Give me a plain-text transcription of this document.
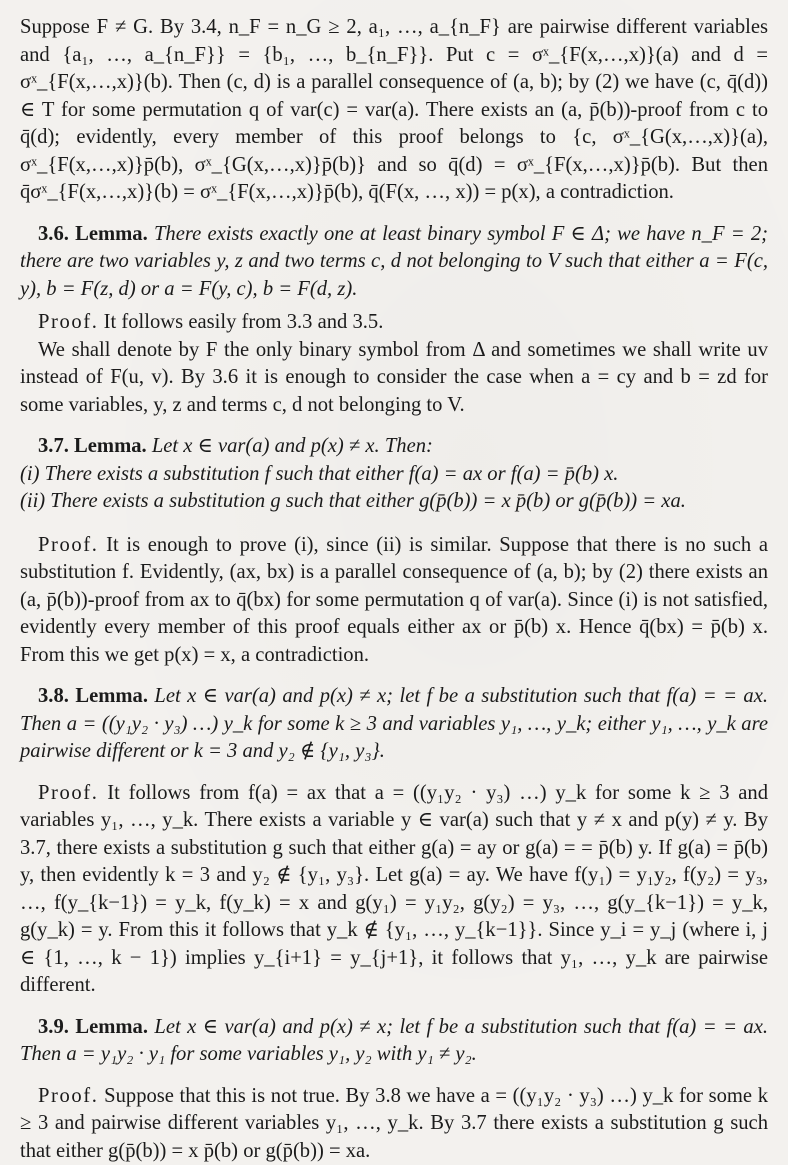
Suppose F ≠ G. By 3.4, n_F = n_G ≥ 2, a₁, …, a_{n_F} are pairwise different variables and {a₁, …, a_{n_F}} = {b₁, …, b_{n_F}}. Put c = σˣ_{F(x,…,x)}(a) and d = σˣ_{F(x,…,x)}(b). Then (c, d) is a parallel consequence of (a, b); by (2) we have (c, q̄(d)) ∈ T for some permutation q of var(c) = var(a). There exists an (a, p̄(b))-proof from c to q̄(d); evidently, every member of this proof belongs to {c, σˣ_{G(x,…,x)}(a), σˣ_{F(x,…,x)}p̄(b), σˣ_{G(x,…,x)}p̄(b)} and so q̄(d) = σˣ_{F(x,…,x)}p̄(b). But then q̄σˣ_{F(x,…,x)}(b) = σˣ_{F(x,…,x)}p̄(b), q̄(F(x, …, x)) = p(x), a contradiction.

3.6. Lemma. There exists exactly one at least binary symbol F ∈ Δ; we have n_F = 2; there are two variables y, z and two terms c, d not belonging to V such that either a = F(c, y), b = F(z, d) or a = F(y, c), b = F(d, z).

Proof. It follows easily from 3.3 and 3.5.

We shall denote by F the only binary symbol from Δ and sometimes we shall write uv instead of F(u, v). By 3.6 it is enough to consider the case when a = cy and b = zd for some variables, y, z and terms c, d not belonging to V.

3.7. Lemma. Let x ∈ var(a) and p(x) ≠ x. Then:

(i) There exists a substitution f such that either f(a) = ax or f(a) = p̄(b) x.

(ii) There exists a substitution g such that either g(p̄(b)) = x p̄(b) or g(p̄(b)) = xa.

Proof. It is enough to prove (i), since (ii) is similar. Suppose that there is no such a substitution f. Evidently, (ax, bx) is a parallel consequence of (a, b); by (2) there exists an (a, p̄(b))-proof from ax to q̄(bx) for some permutation q of var(a). Since (i) is not satisfied, evidently every member of this proof equals either ax or p̄(b) x. Hence q̄(bx) = p̄(b) x. From this we get p(x) = x, a contradiction.

3.8. Lemma. Let x ∈ var(a) and p(x) ≠ x; let f be a substitution such that f(a) = = ax. Then a = ((y₁y₂ · y₃) …) y_k for some k ≥ 3 and variables y₁, …, y_k; either y₁, …, y_k are pairwise different or k = 3 and y₂ ∉ {y₁, y₃}.

Proof. It follows from f(a) = ax that a = ((y₁y₂ · y₃) …) y_k for some k ≥ 3 and variables y₁, …, y_k. There exists a variable y ∈ var(a) such that y ≠ x and p(y) ≠ y. By 3.7, there exists a substitution g such that either g(a) = ay or g(a) = = p̄(b) y. If g(a) = p̄(b) y, then evidently k = 3 and y₂ ∉ {y₁, y₃}. Let g(a) = ay. We have f(y₁) = y₁y₂, f(y₂) = y₃, …, f(y_{k−1}) = y_k, f(y_k) = x and g(y₁) = y₁y₂, g(y₂) = y₃, …, g(y_{k−1}) = y_k, g(y_k) = y. From this it follows that y_k ∉ {y₁, …, y_{k−1}}. Since y_i = y_j (where i, j ∈ {1, …, k − 1}) implies y_{i+1} = y_{j+1}, it follows that y₁, …, y_k are pairwise different.

3.9. Lemma. Let x ∈ var(a) and p(x) ≠ x; let f be a substitution such that f(a) = = ax. Then a = y₁y₂ · y₁ for some variables y₁, y₂ with y₁ ≠ y₂.

Proof. Suppose that this is not true. By 3.8 we have a = ((y₁y₂ · y₃) …) y_k for some k ≥ 3 and pairwise different variables y₁, …, y_k. By 3.7 there exists a substitution g such that either g(p̄(b)) = x p̄(b) or g(p̄(b)) = xa.
